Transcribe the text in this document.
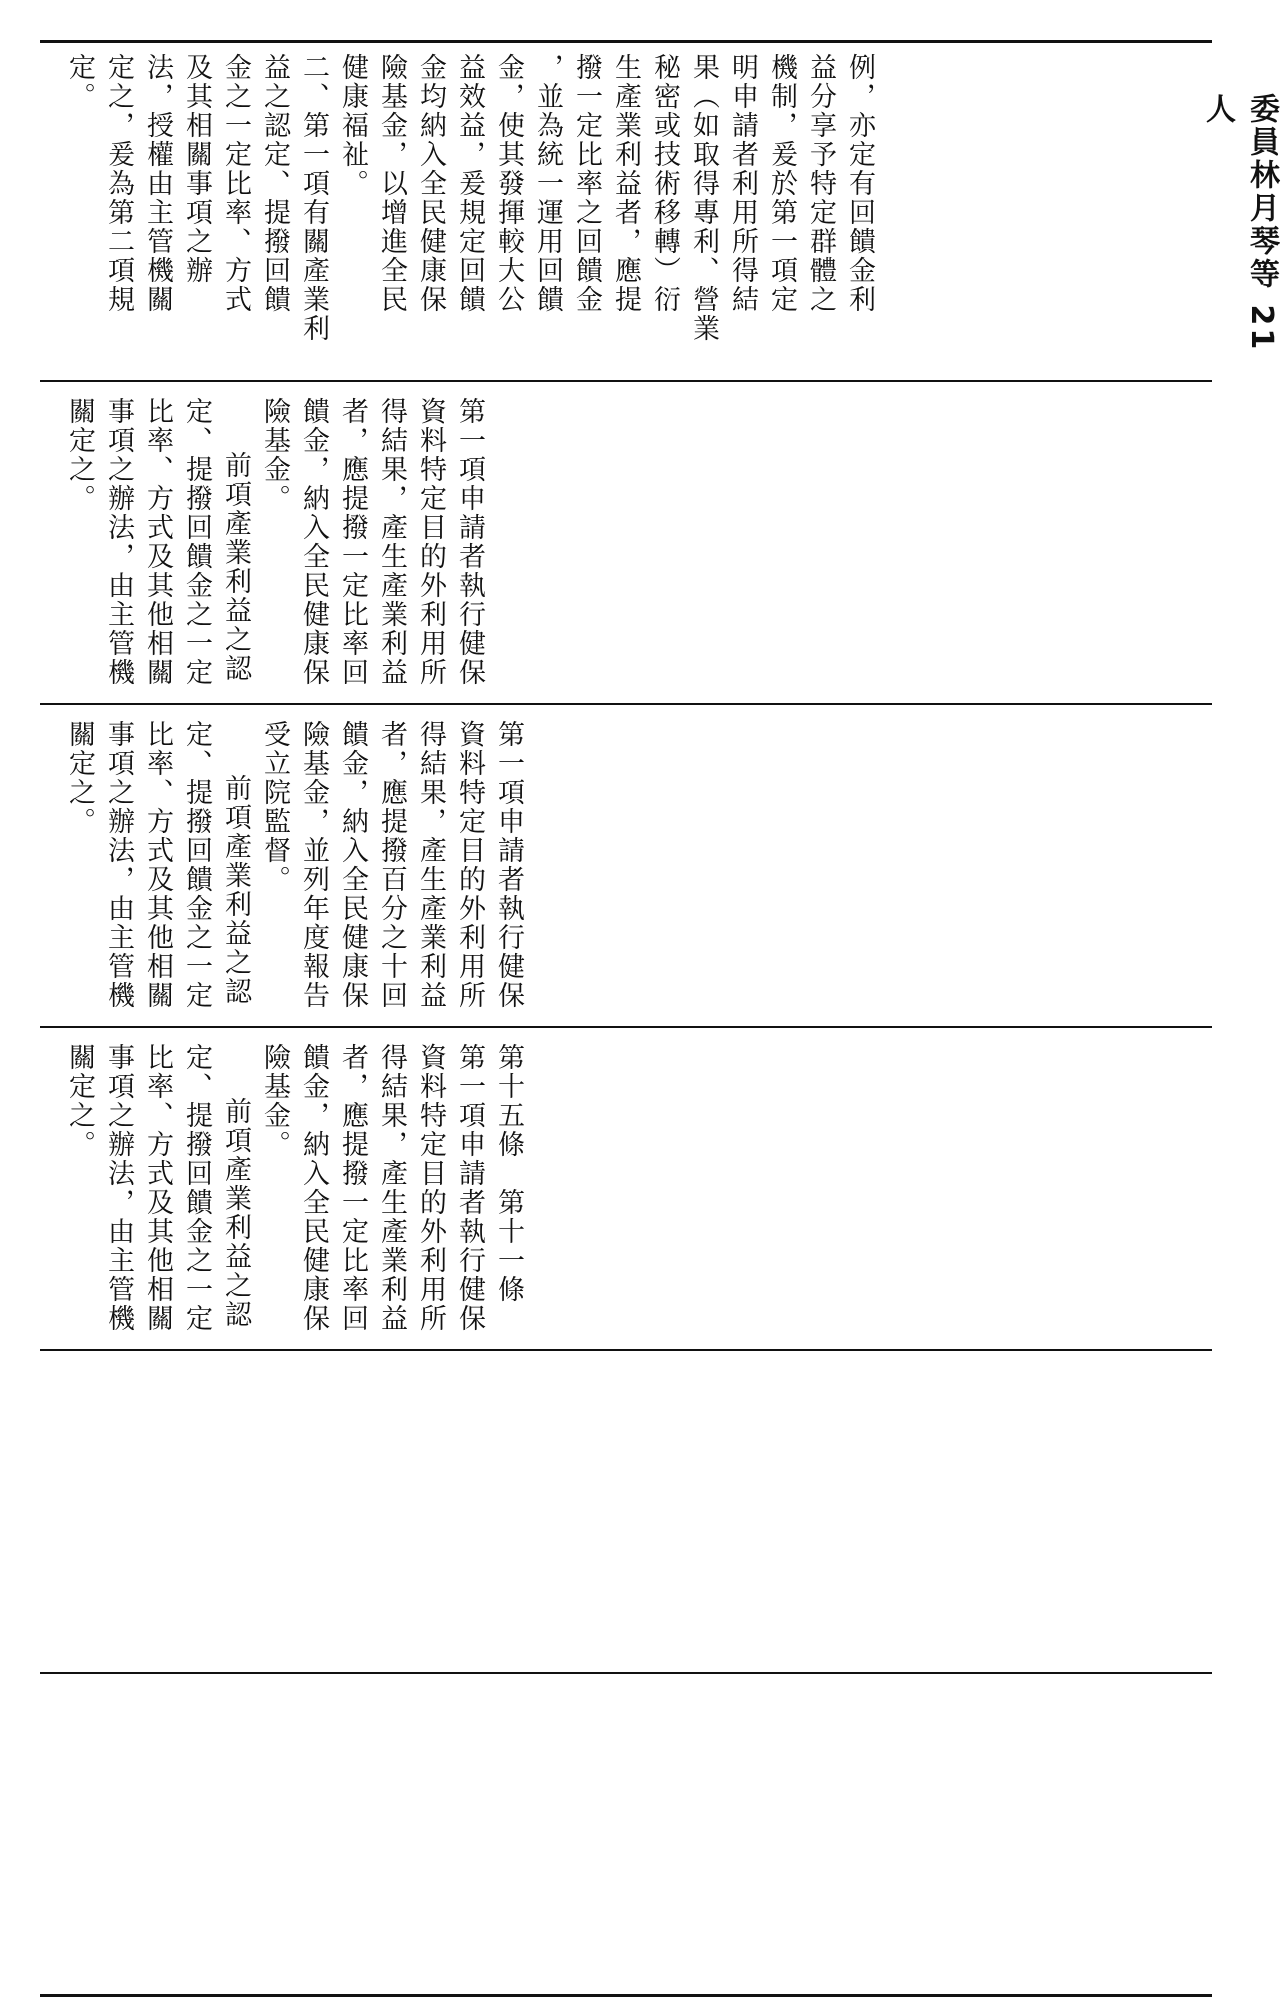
例，亦定有回饋金利

益分享予特定群體之

機制，爰於第一項定

明申請者利用所得結

果（如取得專利、營業

秘密或技術移轉）衍

生產業利益者，應提

撥一定比率之回饋金

，並為統一運用回饋

金，使其發揮較大公

益效益，爰規定回饋

金均納入全民健康保

險基金，以增進全民

健康福祉。

二、第一項有關產業利

益之認定、提撥回饋

金之一定比率、方式

及其相關事項之辦

法，授權由主管機關

定之，爰為第二項規

定。

委員林月琴等 21 人

第一項申請者執行健保資料特定目的外利用所得結果，產生產業利益者，應提撥一定比率回饋金，納入全民健康保險基金。

前項產業利益之認定、提撥回饋金之一定比率、方式及其他相關事項之辦法，由主管機關定之。

第一項申請者執行健保資料特定目的外利用所得結果，產生產業利益者，應提撥百分之十回饋金，納入全民健康保險基金，並列年度報告受立院監督。

前項產業利益之認定、提撥回饋金之一定比率、方式及其他相關事項之辦法，由主管機關定之。

第十五條　第十一條

第一項申請者執行健保資料特定目的外利用所得結果，產生產業利益者，應提撥一定比率回饋金，納入全民健康保險基金。

前項產業利益之認定、提撥回饋金之一定比率、方式及其他相關事項之辦法，由主管機關定之。
